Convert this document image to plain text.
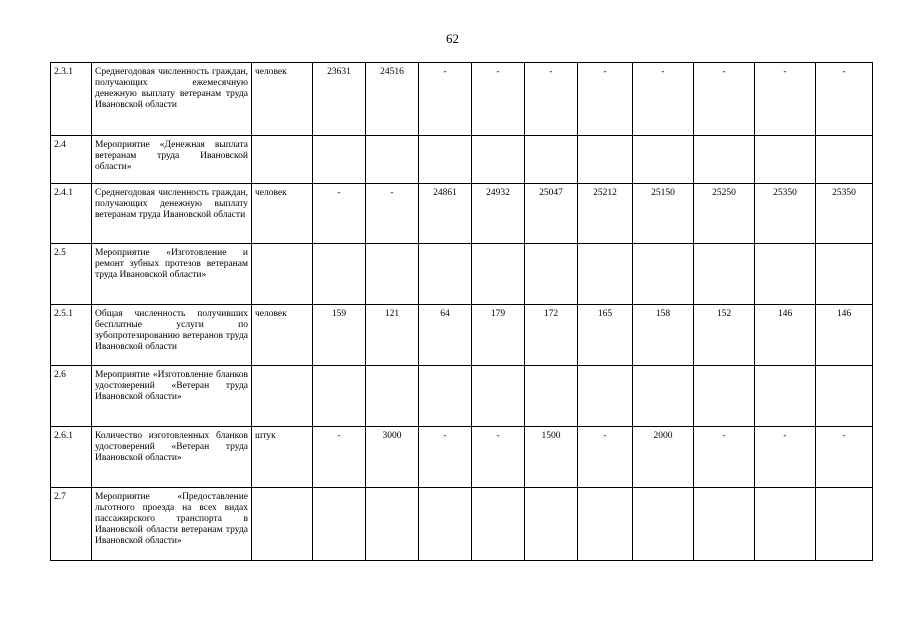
62
2.3.1	Среднегодовая численность граждан, получающих ежемесячную денежную выплату ветеранам труда Ивановской области	человек	23631	24516	-	-	-	-	-	-	-	-
2.4	Мероприятие «Денежная выплата ветеранам труда Ивановской области»											
2.4.1	Среднегодовая численность граждан, получающих денежную выплату ветеранам труда Ивановской области	человек	-	-	24861	24932	25047	25212	25150	25250	25350	25350
2.5	Мероприятие «Изготовление и ремонт зубных протезов ветеранам труда Ивановской области»											
2.5.1	Общая численность получивших бесплатные услуги по зубопротезированию ветеранов труда Ивановской области	человек	159	121	64	179	172	165	158	152	146	146
2.6	Мероприятие «Изготовление бланков удостоверений «Ветеран труда Ивановской области»											
2.6.1	Количество изготовленных бланков удостоверений «Ветеран труда Ивановской области»	штук	-	3000	-	-	1500	-	2000	-	-	-
2.7	Мероприятие «Предоставление льготного проезда на всех видах пассажирского транспорта в Ивановской области ветеранам труда Ивановской области»											
